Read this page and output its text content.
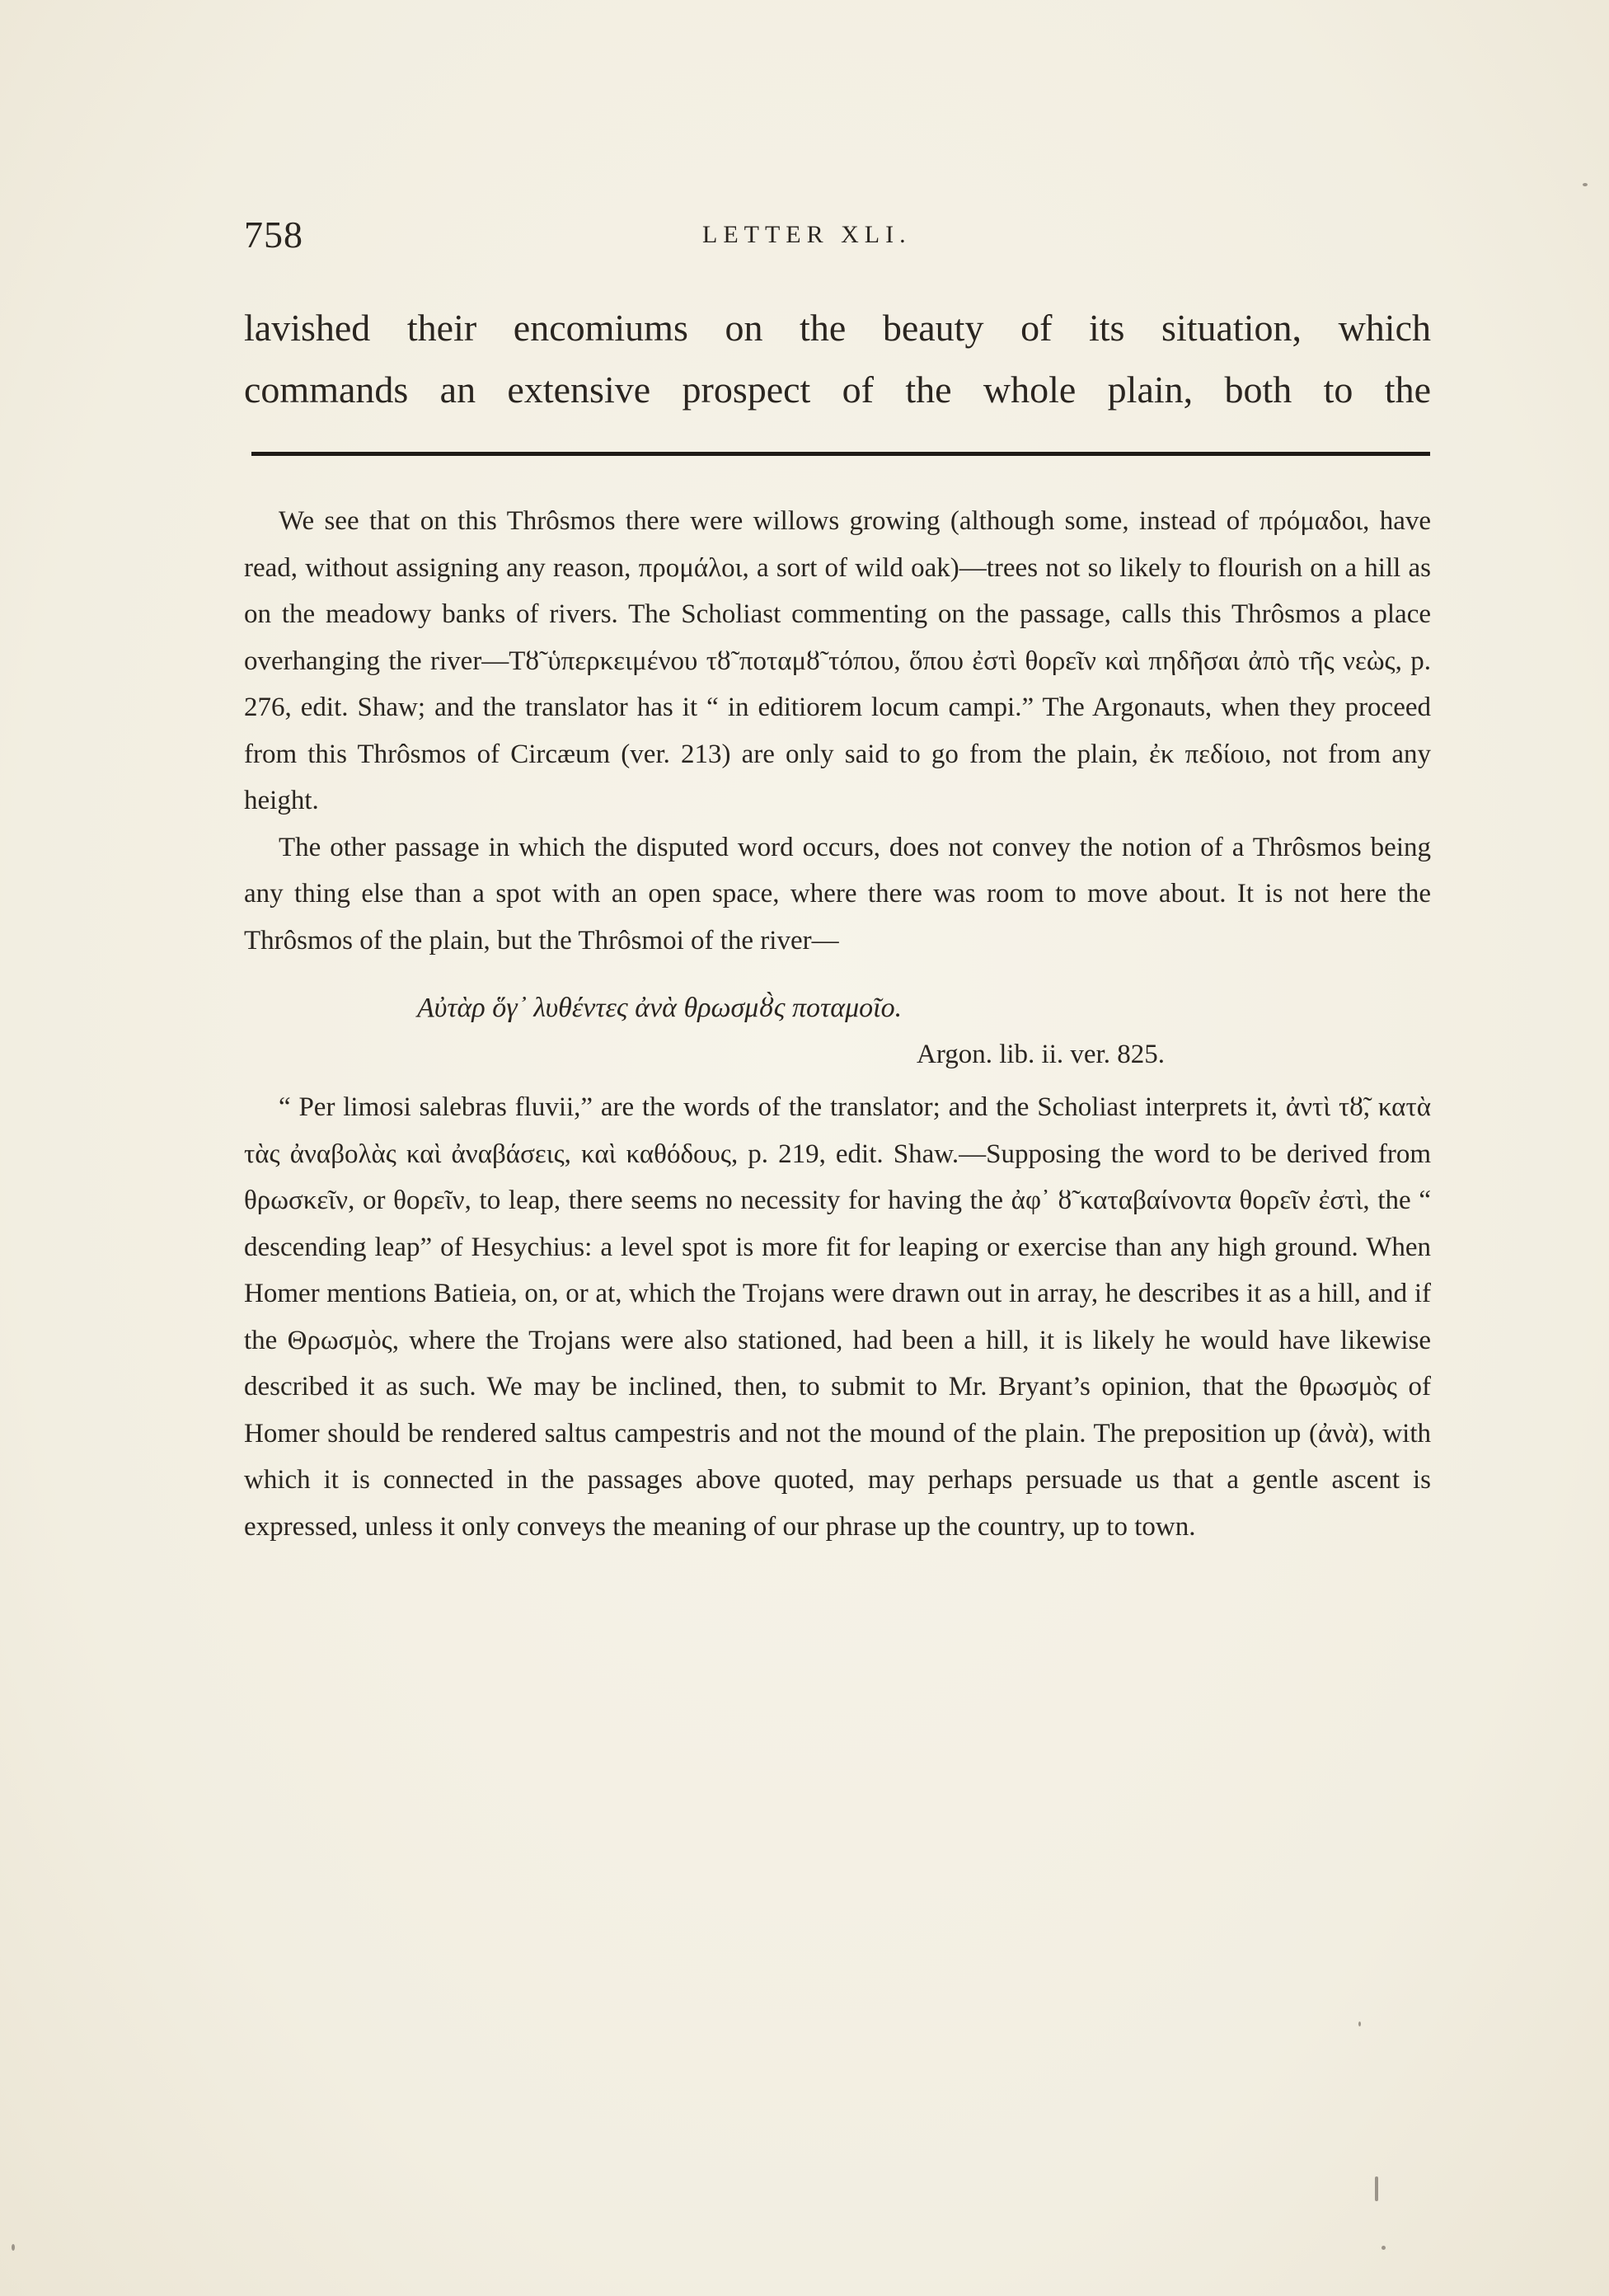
758	LETTER XLI.

lavished their encomiums on the beauty of its situation, which

commands an extensive prospect of the whole plain, both to the

We see that on this Thrôsmos there were willows growing (although some, instead of πρόμαδοι, have read, without assigning any reason, προμάλοι, a sort of wild oak)—trees not so likely to flourish on a hill as on the meadowy banks of rivers. The Scholiast commenting on the passage, calls this Thrôsmos a place overhanging the river—Τȣ̃ ὑπερκειμένου τȣ̃ ποταμȣ̃ τόπου, ὅπου ἐστὶ θορεῖν καὶ πηδῆσαι ἀπὸ τῆς νεὼς, p. 276, edit. Shaw; and the translator has it “ in editiorem locum campi.” The Argonauts, when they proceed from this Thrôsmos of Circæum (ver. 213) are only said to go from the plain, ἐκ πεδίοιο, not from any height.

The other passage in which the disputed word occurs, does not convey the notion of a Thrôsmos being any thing else than a spot with an open space, where there was room to move about. It is not here the Thrôsmos of the plain, but the Thrôsmoi of the river—

Αὐτὰρ ὅγ᾽ λυθέντες ἀνὰ θρωσμȣ̀ς ποταμοῖο.
Argon. lib. ii. ver. 825.

“ Per limosi salebras fluvii,” are the words of the translator; and the Scholiast interprets it, ἀντὶ τȣ̃, κατὰ τὰς ἀναβολὰς καὶ ἀναβάσεις, καὶ καθόδους, p. 219, edit. Shaw.—Supposing the word to be derived from θρωσκεῖν, or θορεῖν, to leap, there seems no necessity for having the ἀφ᾽ ȣ̃ καταβαίνοντα θορεῖν ἐστὶ, the “ descending leap” of Hesychius: a level spot is more fit for leaping or exercise than any high ground. When Homer mentions Batieia, on, or at, which the Trojans were drawn out in array, he describes it as a hill, and if the Θρωσμὸς, where the Trojans were also stationed, had been a hill, it is likely he would have likewise described it as such. We may be inclined, then, to submit to Mr. Bryant’s opinion, that the θρωσμὸς of Homer should be rendered saltus campestris and not the mound of the plain. The preposition up (ἀνὰ), with which it is connected in the passages above quoted, may perhaps persuade us that a gentle ascent is expressed, unless it only conveys the meaning of our phrase up the country, up to town.
